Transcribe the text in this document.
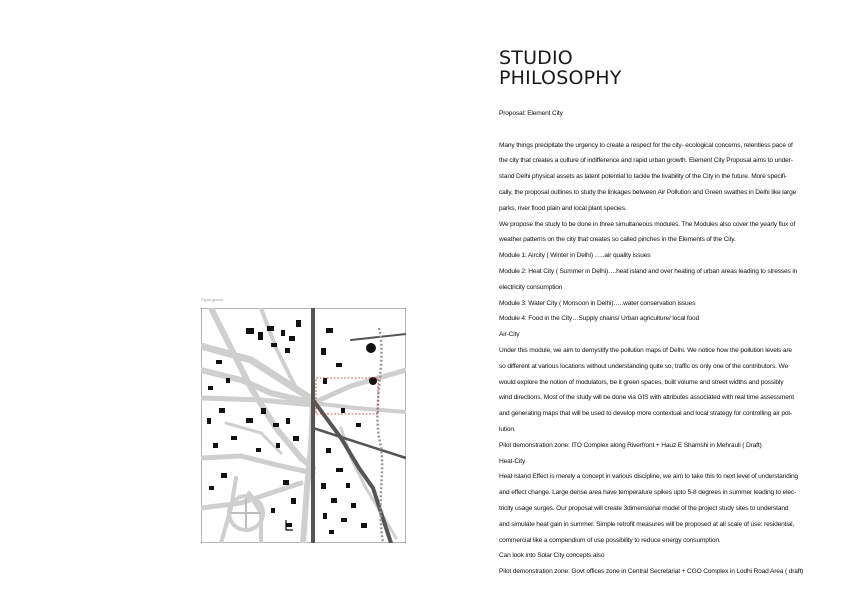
STUDIO
PHILOSOPHY
Figure-ground

Proposal: Element City

Many things precipitate the urgency to create a respect for the city- ecological concerns, relentless pace of

the city that creates a culture of indifference and rapid urban growth. Element City Proposal aims to under-

stand Delhi physical assets as latent potential to tackle the livability of the City in the future. More specifi-

cally, the proposal outlines to study the linkages between Air Pollution and Green swathes in Delhi like large

parks, river flood plain and local plant species.

We propose the study to be done in three simultaneous modules. The Modules also cover the yearly flux of

weather patterns on the city that creates so called pinches in the Elements of the City.

Module 1: Aircity ( Winter in Delhi) …..air quality issues

Module 2: Heat City ( Summer in Delhi)….heat island and over heating of urban areas leading to stresses in

electricity consumption

Module 3: Water City ( Monsoon in Delhi)…..water conservation issues

Module 4: Food in the City…Supply chains/ Urban agriculture/ local food

Air-City

Under this module, we aim to demystify the pollution maps of Delhi. We notice how the pollution levels are

so different at various locations without understanding quite so, traffic os only one of the contributors. We

would explore the notion of modulators, be it green spaces, built volume and street widths and possibly

wind directions. Most of the study will be done via GIS with attributes associated with real time assessment

and generating maps that will be used to develop more contextual and local strategy for controlling air pol-

lution.

Pilot demonstration zone: ITO Complex along Riverfront + Hauz E Shamshi in Mehrauli ( Draft)

Heat-City

Heat Island Effect is merely a concept in various discipline, we aim to take this to next level of understanding

and effect change. Large dense area have temperature spikes upto 5-8 degrees in summer leading to elec-

tricity usage surges. Our proposal will create 3dimensional model of the project study sites to understand

and simulate heat gain in summer. Simple retrofit measures will be proposed at all scale of use: residential,

commercial like a compendium of use possibility to reduce energy consumption.

Can look into Solar City concepts also

Pilot demonstration zone: Govt offices zone in Central Secretariat + CGO Complex in Lodhi Road Area ( draft)
